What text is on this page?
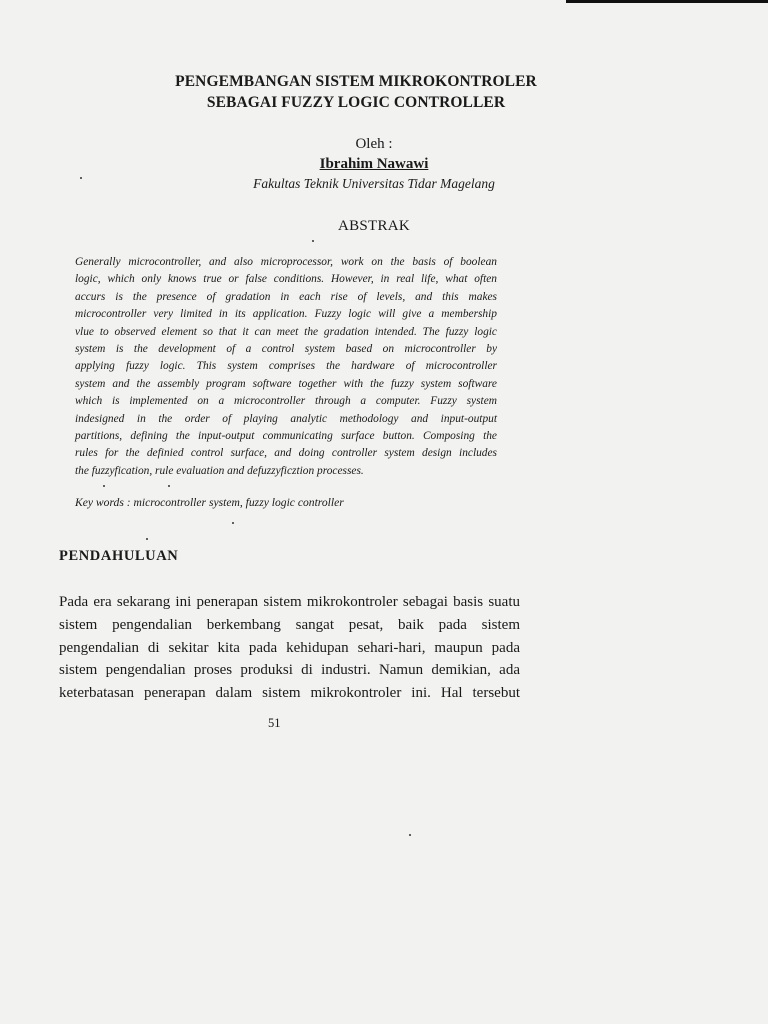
PENGEMBANGAN SISTEM MIKROKONTROLER
SEBAGAI FUZZY LOGIC CONTROLLER
Oleh :
Ibrahim Nawawi
Fakultas Teknik Universitas Tidar Magelang
ABSTRAK
Generally microcontroller, and also microprocessor, work on the basis of boolean
logic, which only knows true or false conditions. However, in real life, what often
accurs is the presence of gradation in each rise of levels, and this makes
microcontroller very limited in its application. Fuzzy logic will give a membership
vlue to observed element so that it can meet the gradation intended. The fuzzy logic
system is the development of a control system based on microcontroller by
applying fuzzy logic. This system comprises the hardware of microcontroller
system and the assembly program software together with the fuzzy system software
which is implemented on a microcontroller through a computer. Fuzzy system
indesigned in the order of playing analytic methodology and input-output
partitions, defining the input-output communicating surface button. Composing the
rules for the definied control surface, and doing controller system design includes
the fuzzyfication, rule evaluation and defuzzyficztion processes.
Key words : microcontroller system, fuzzy logic controller
PENDAHULUAN
Pada era sekarang ini penerapan sistem mikrokontroler sebagai basis suatu
sistem pengendalian berkembang sangat pesat, baik pada sistem
pengendalian di sekitar kita pada kehidupan sehari-hari, maupun pada
sistem pengendalian proses produksi di industri. Namun demikian, ada
keterbatasan penerapan dalam sistem mikrokontroler ini. Hal tersebut
51
